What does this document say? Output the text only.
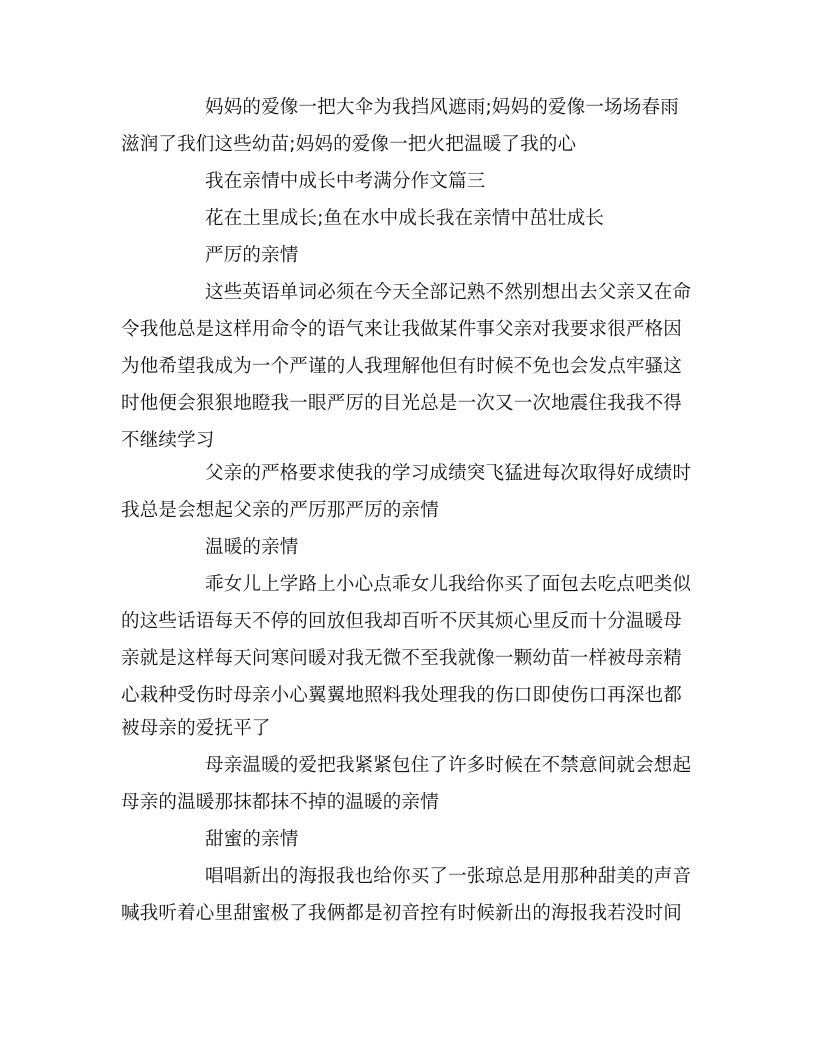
妈妈的爱像一把大伞为我挡风遮雨;妈妈的爱像一场场春雨
滋润了我们这些幼苗;妈妈的爱像一把火把温暖了我的心
我在亲情中成长中考满分作文篇三
花在土里成长;鱼在水中成长我在亲情中茁壮成长
严厉的亲情
这些英语单词必须在今天全部记熟不然别想出去父亲又在命
令我他总是这样用命令的语气来让我做某件事父亲对我要求很严格因
为他希望我成为一个严谨的人我理解他但有时候不免也会发点牢骚这
时他便会狠狠地瞪我一眼严厉的目光总是一次又一次地震住我我不得
不继续学习
父亲的严格要求使我的学习成绩突飞猛进每次取得好成绩时
我总是会想起父亲的严厉那严厉的亲情
温暖的亲情
乖女儿上学路上小心点乖女儿我给你买了面包去吃点吧类似
的这些话语每天不停的回放但我却百听不厌其烦心里反而十分温暖母
亲就是这样每天问寒问暖对我无微不至我就像一颗幼苗一样被母亲精
心栽种受伤时母亲小心翼翼地照料我处理我的伤口即使伤口再深也都
被母亲的爱抚平了
母亲温暖的爱把我紧紧包住了许多时候在不禁意间就会想起
母亲的温暖那抹都抹不掉的温暖的亲情
甜蜜的亲情
唱唱新出的海报我也给你买了一张琼总是用那种甜美的声音
喊我听着心里甜蜜极了我俩都是初音控有时候新出的海报我若没时间
